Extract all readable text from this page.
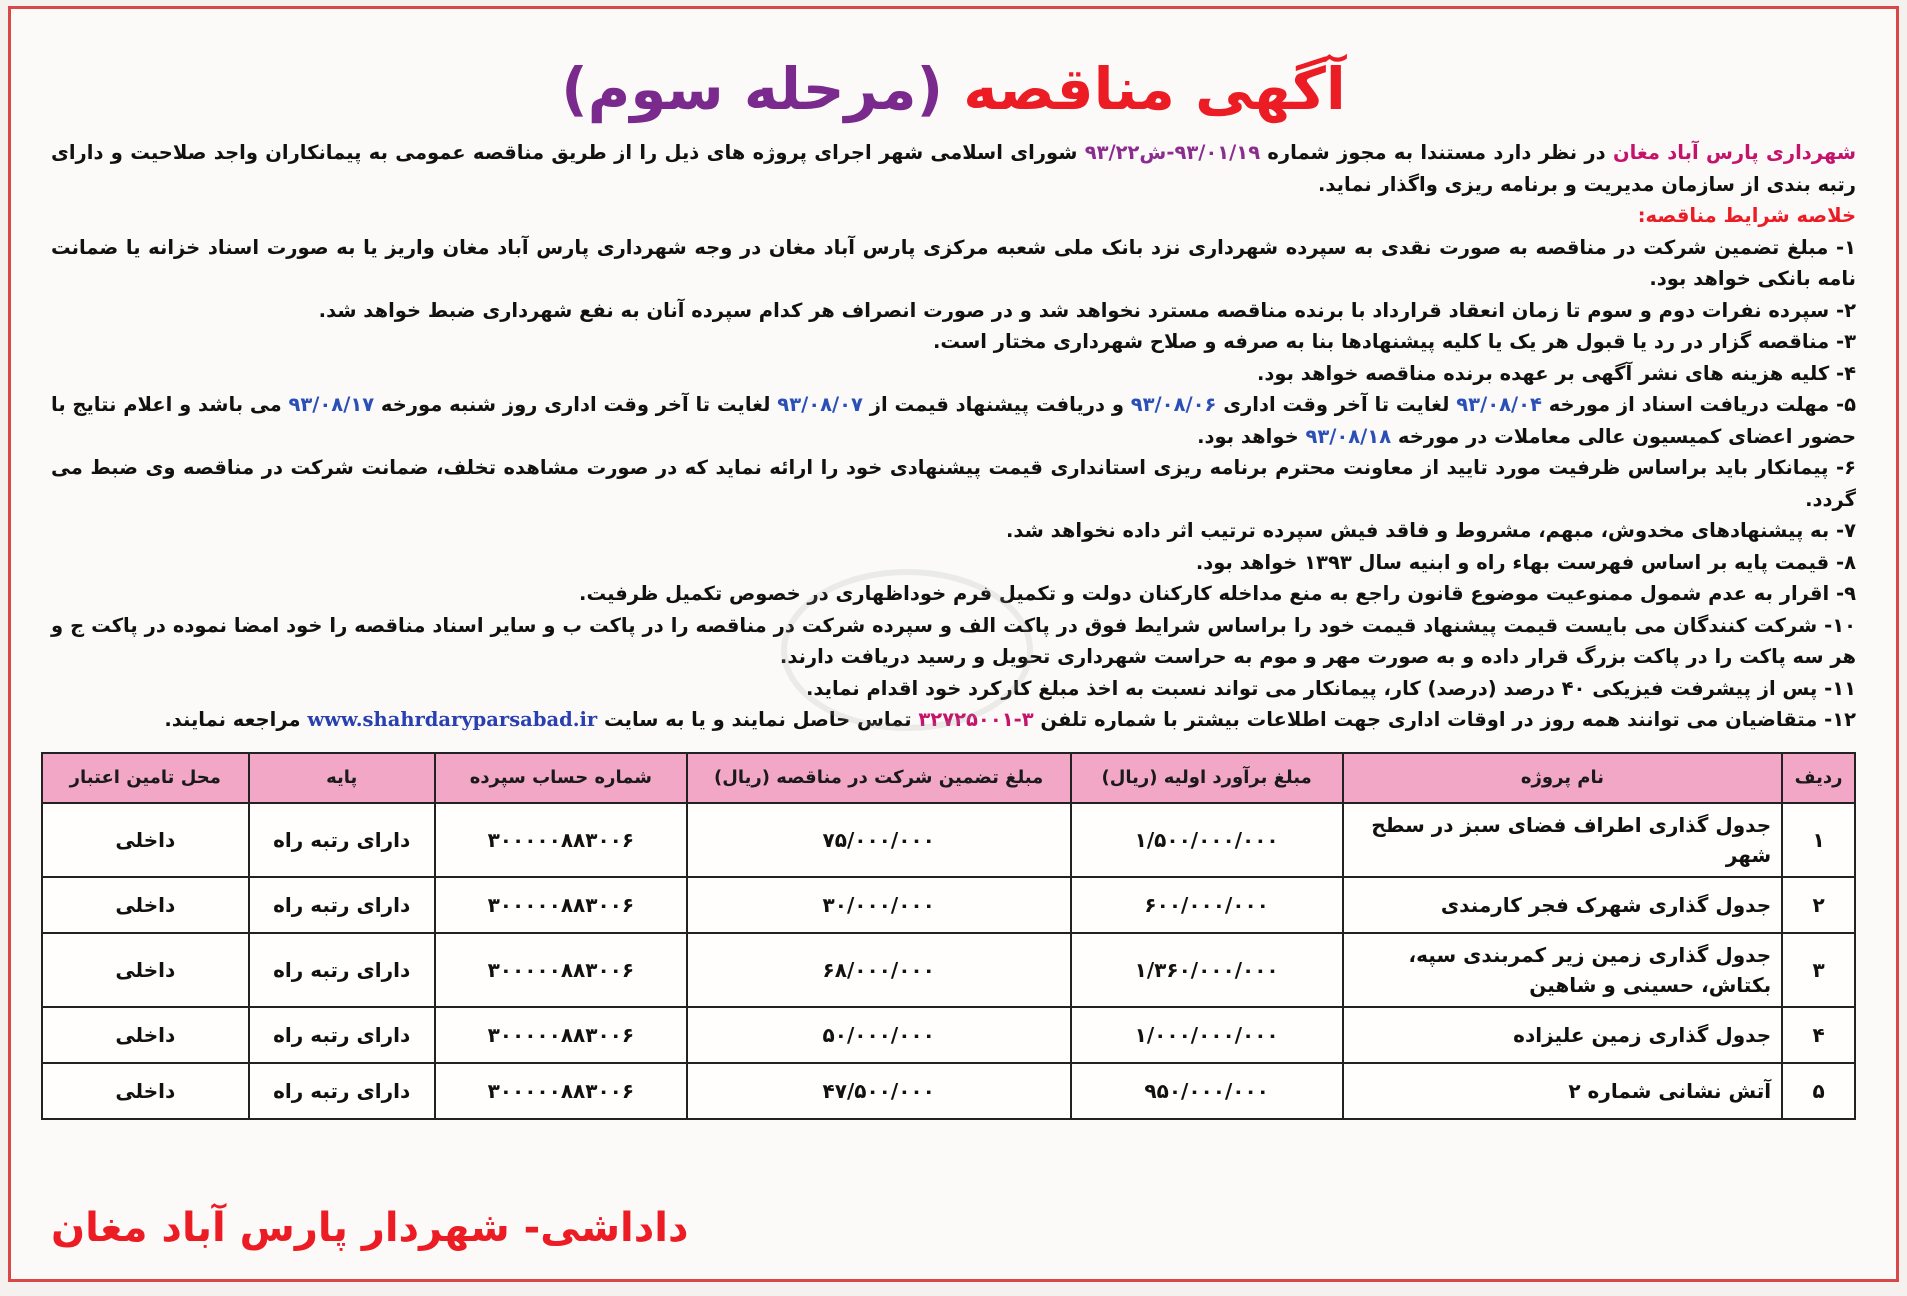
آگهی مناقصه (مرحله سوم)

شهرداری پارس آباد مغان در نظر دارد مستندا به مجوز شماره ۹۳/۰۱/۱۹-ش۹۳/۲۲ شورای اسلامی شهر اجرای پروژه های ذیل را از طریق مناقصه عمومی به پیمانکاران واجد صلاحیت و دارای رتبه بندی از سازمان مدیریت و برنامه ریزی واگذار نماید.

خلاصه شرایط مناقصه:

۱- مبلغ تضمین شرکت در مناقصه به صورت نقدی به سپرده شهرداری نزد بانک ملی شعبه مرکزی پارس آباد مغان در وجه شهرداری پارس آباد مغان واریز یا به صورت اسناد خزانه یا ضمانت نامه بانکی خواهد بود.

۲- سپرده نفرات دوم و سوم تا زمان انعقاد قرارداد با برنده مناقصه مسترد نخواهد شد و در صورت انصراف هر کدام سپرده آنان به نفع شهرداری ضبط خواهد شد.

۳- مناقصه گزار در رد یا قبول هر یک یا کلیه پیشنهادها بنا به صرفه و صلاح شهرداری مختار است.

۴- کلیه هزینه های نشر آگهی بر عهده برنده مناقصه خواهد بود.

۵- مهلت دریافت اسناد از مورخه ۹۳/۰۸/۰۴ لغایت تا آخر وقت اداری ۹۳/۰۸/۰۶ و دریافت پیشنهاد قیمت از ۹۳/۰۸/۰۷ لغایت تا آخر وقت اداری روز شنبه مورخه ۹۳/۰۸/۱۷ می باشد و اعلام نتایج با حضور اعضای کمیسیون عالی معاملات در مورخه ۹۳/۰۸/۱۸ خواهد بود.

۶- پیمانکار باید براساس ظرفیت مورد تایید از معاونت محترم برنامه ریزی استانداری قیمت پیشنهادی خود را ارائه نماید که در صورت مشاهده تخلف، ضمانت شرکت در مناقصه وی ضبط می گردد.

۷- به پیشنهادهای مخدوش، مبهم، مشروط و فاقد فیش سپرده ترتیب اثر داده نخواهد شد.

۸- قیمت پایه بر اساس فهرست بهاء راه و ابنیه سال ۱۳۹۳ خواهد بود.

۹- اقرار به عدم شمول ممنوعیت موضوع قانون راجع به منع مداخله کارکنان دولت و تکمیل فرم خوداظهاری در خصوص تکمیل ظرفیت.

۱۰- شرکت کنندگان می بایست قیمت پیشنهاد قیمت خود را براساس شرایط فوق در پاکت الف و سپرده شرکت در مناقصه را در پاکت ب و سایر اسناد مناقصه را خود امضا نموده در پاکت ج و هر سه پاکت را در پاکت بزرگ قرار داده و به صورت مهر و موم به حراست شهرداری تحویل و رسید دریافت دارند.

۱۱- پس از پیشرفت فیزیکی ۴۰ درصد (درصد) کار، پیمانکار می تواند نسبت به اخذ مبلغ کارکرد خود اقدام نماید.

۱۲- متقاضیان می توانند همه روز در اوقات اداری جهت اطلاعات بیشتر با شماره تلفن ۳-۳۲۷۲۵۰۰۱ تماس حاصل نمایند و یا به سایت www.shahrdaryparsabad.ir مراجعه نمایند.

ردیف	نام پروژه	مبلغ برآورد اولیه (ریال)	مبلغ تضمین شرکت در مناقصه (ریال)	شماره حساب سپرده	پایه	محل تامین اعتبار
۱	جدول گذاری اطراف فضای سبز در سطح شهر	۱/۵۰۰/۰۰۰/۰۰۰	۷۵/۰۰۰/۰۰۰	۳۰۰۰۰۰۸۸۳۰۰۶	دارای رتبه راه	داخلی
۲	جدول گذاری شهرک فجر کارمندی	۶۰۰/۰۰۰/۰۰۰	۳۰/۰۰۰/۰۰۰	۳۰۰۰۰۰۸۸۳۰۰۶	دارای رتبه راه	داخلی
۳	جدول گذاری زمین زیر کمربندی سپه، بکتاش، حسینی و شاهین	۱/۳۶۰/۰۰۰/۰۰۰	۶۸/۰۰۰/۰۰۰	۳۰۰۰۰۰۸۸۳۰۰۶	دارای رتبه راه	داخلی
۴	جدول گذاری زمین علیزاده	۱/۰۰۰/۰۰۰/۰۰۰	۵۰/۰۰۰/۰۰۰	۳۰۰۰۰۰۸۸۳۰۰۶	دارای رتبه راه	داخلی
۵	آتش نشانی شماره ۲	۹۵۰/۰۰۰/۰۰۰	۴۷/۵۰۰/۰۰۰	۳۰۰۰۰۰۸۸۳۰۰۶	دارای رتبه راه	داخلی
داداشی- شهردار پارس آباد مغان
